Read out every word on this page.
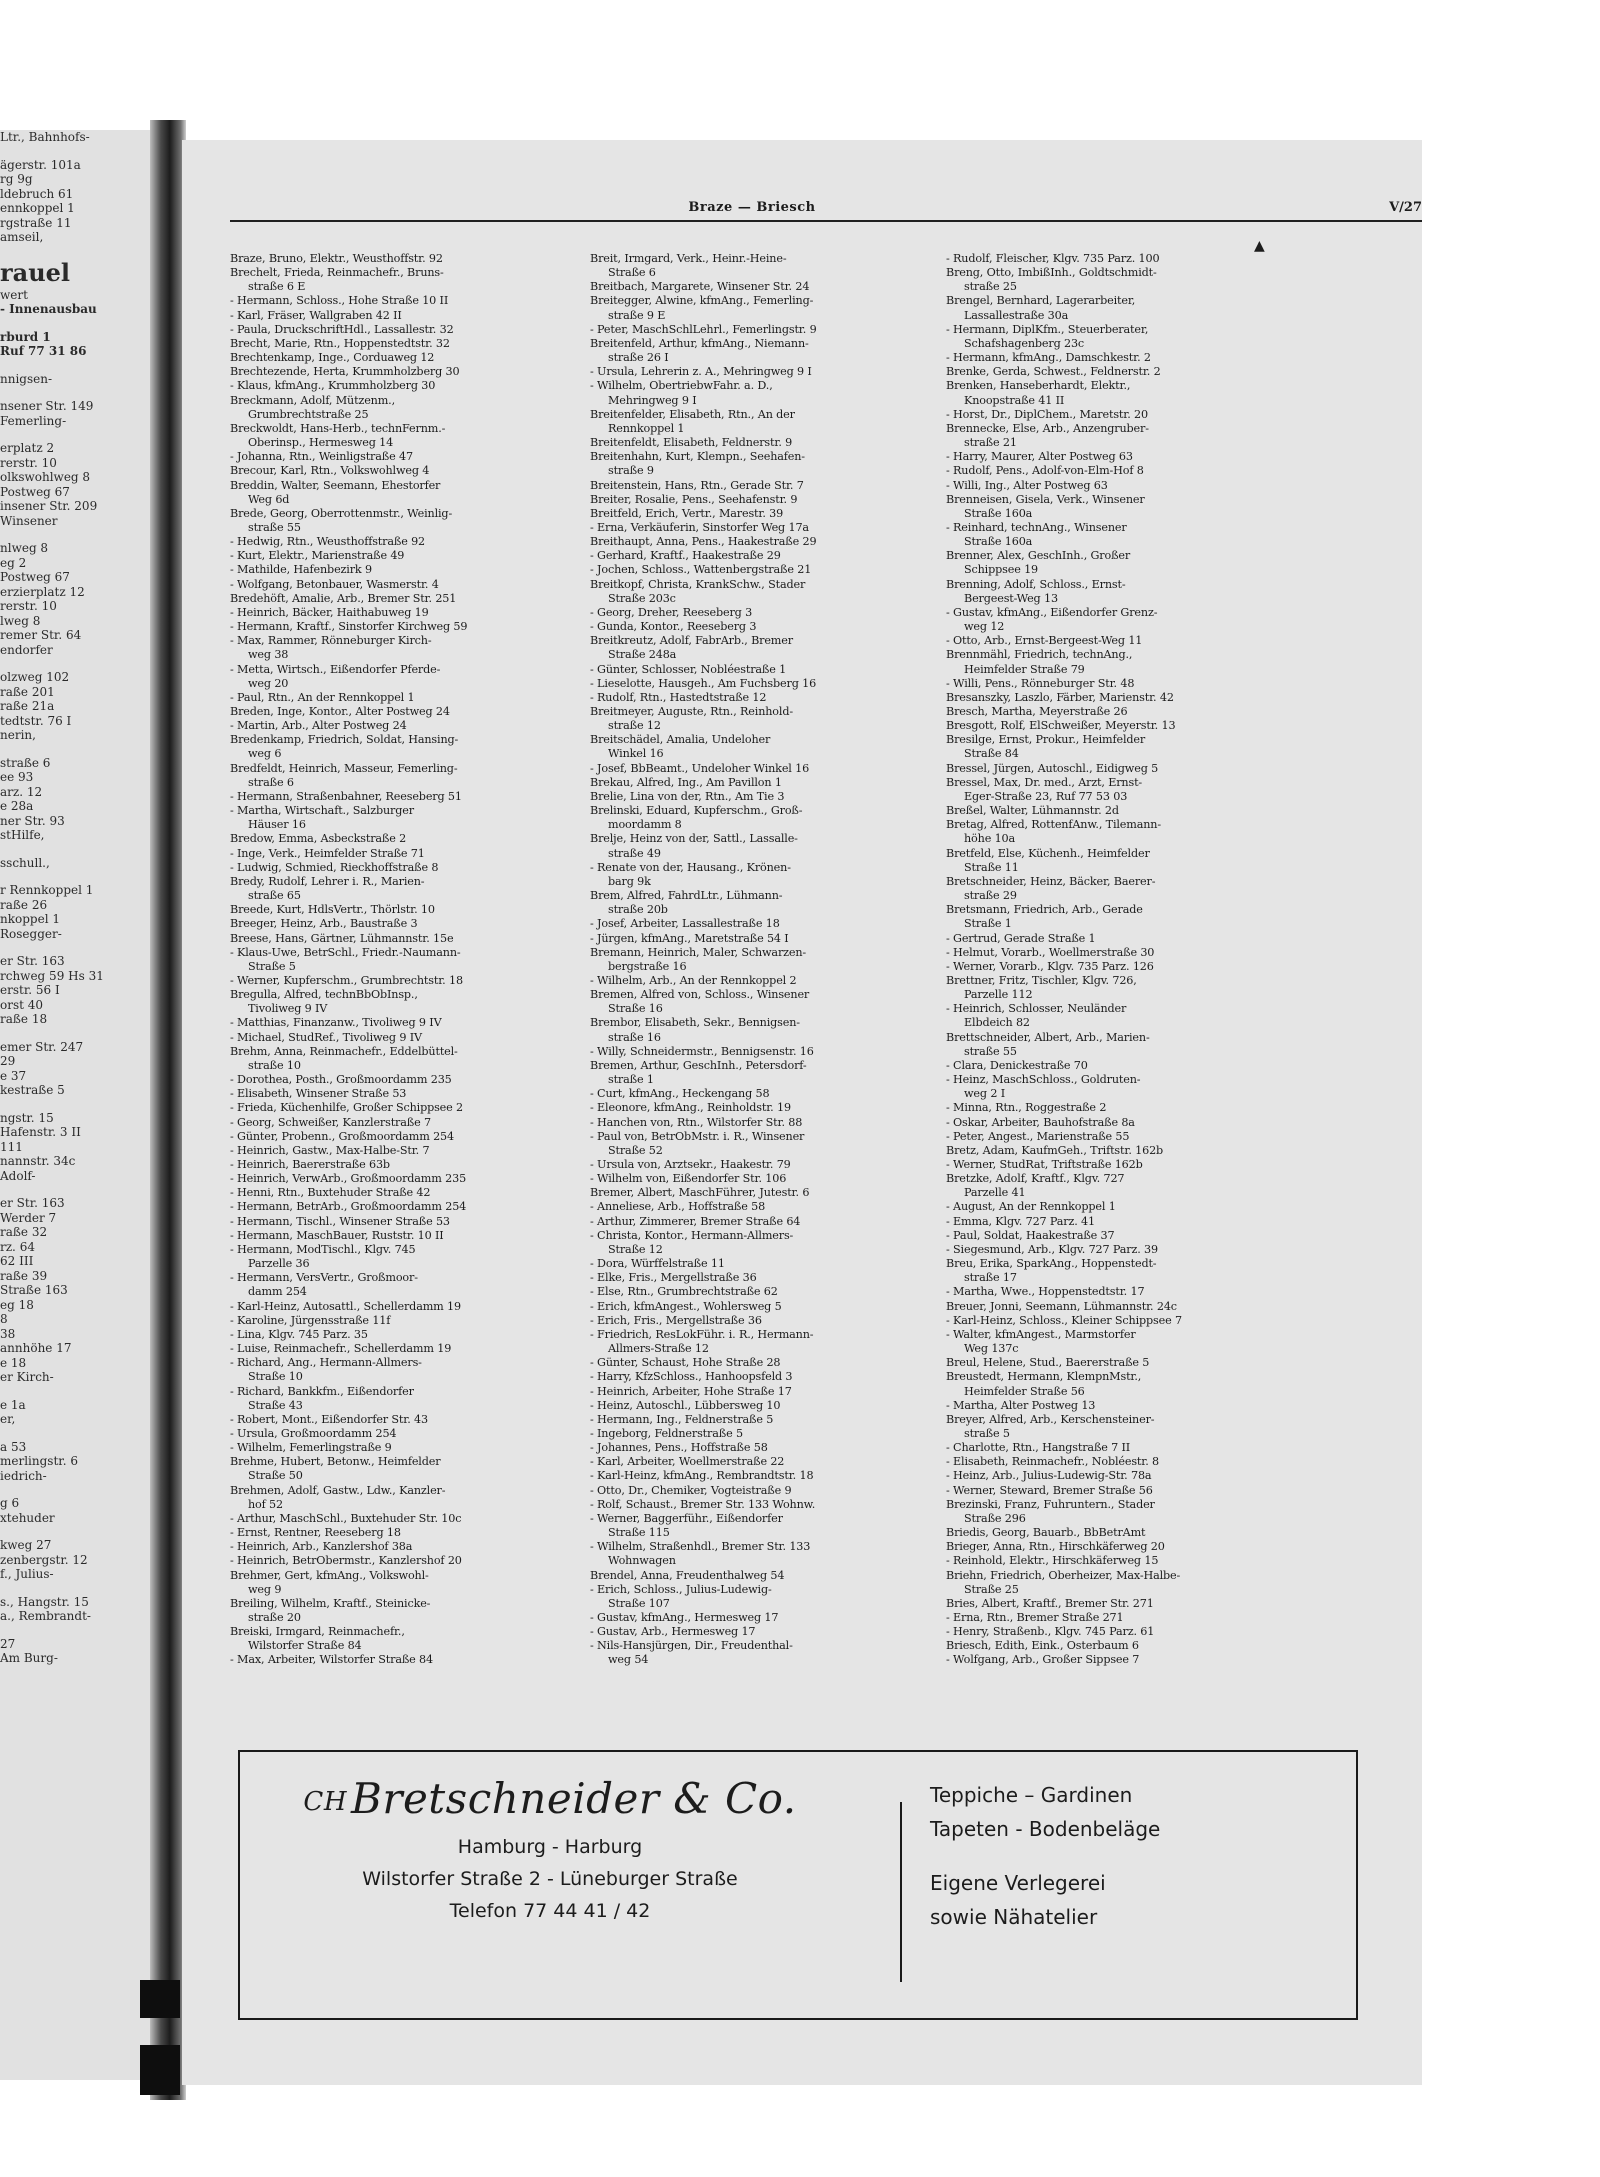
Ltr., Bahnhofs-
ägerstr. 101a
rg 9g
ldebruch 61
ennkoppel 1
rgstraße 11
amseil,
rauel
wert
- Innenausbau
rburd 1
Ruf 77 31 86
nnigsen-
nsener Str. 149
Femerling-
erplatz 2
rerstr. 10
olkswohlweg 8
Postweg 67
insener Str. 209
Winsener
nlweg 8
eg 2
Postweg 67
erzierplatz 12
rerstr. 10
lweg 8
remer Str. 64
endorfer
olzweg 102
raße 201
raße 21a
tedtstr. 76 I
nerin,
straße 6
ee 93
arz. 12
e 28a
ner Str. 93
stHilfe,
sschull.,
r Rennkoppel 1
raße 26
nkoppel 1
Rosegger-
er Str. 163
rchweg 59 Hs 31
erstr. 56 I
orst 40
raße 18
emer Str. 247
29
e 37
kestraße 5
ngstr. 15
Hafenstr. 3 II
111
nannstr. 34c
Adolf-
er Str. 163
Werder 7
raße 32
rz. 64
62 III
raße 39
Straße 163
eg 18
8
38
annhöhe 17
e 18
er Kirch-
e 1a
er,
a 53
merlingstr. 6
iedrich-
g 6
xtehuder
kweg 27
zenbergstr. 12
f., Julius-
s., Hangstr. 15
a., Rembrandt-
27
Am Burg-
Braze — Briesch	V/27
▲
Braze, Bruno, Elektr., Weusthoffstr. 92
Brechelt, Frieda, Reinmachefr., Bruns-
straße 6 E
- Hermann, Schloss., Hohe Straße 10 II
- Karl, Fräser, Wallgraben 42 II
- Paula, DruckschriftHdl., Lassallestr. 32
Brecht, Marie, Rtn., Hoppenstedtstr. 32
Brechtenkamp, Inge., Corduaweg 12
Brechtezende, Herta, Krummholzberg 30
- Klaus, kfmAng., Krummholzberg 30
Breckmann, Adolf, Mützenm.,
Grumbrechtstraße 25
Breckwoldt, Hans-Herb., technFernm.-
Oberinsp., Hermesweg 14
- Johanna, Rtn., Weinligstraße 47
Brecour, Karl, Rtn., Volkswohlweg 4
Breddin, Walter, Seemann, Ehestorfer
Weg 6d
Brede, Georg, Oberrottenmstr., Weinlig-
straße 55
- Hedwig, Rtn., Weusthoffstraße 92
- Kurt, Elektr., Marienstraße 49
- Mathilde, Hafenbezirk 9
- Wolfgang, Betonbauer, Wasmerstr. 4
Bredehöft, Amalie, Arb., Bremer Str. 251
- Heinrich, Bäcker, Haithabuweg 19
- Hermann, Kraftf., Sinstorfer Kirchweg 59
- Max, Rammer, Rönneburger Kirch-
weg 38
- Metta, Wirtsch., Eißendorfer Pferde-
weg 20
- Paul, Rtn., An der Rennkoppel 1
Breden, Inge, Kontor., Alter Postweg 24
- Martin, Arb., Alter Postweg 24
Bredenkamp, Friedrich, Soldat, Hansing-
weg 6
Bredfeldt, Heinrich, Masseur, Femerling-
straße 6
- Hermann, Straßenbahner, Reeseberg 51
- Martha, Wirtschaft., Salzburger
Häuser 16
Bredow, Emma, Asbeckstraße 2
- Inge, Verk., Heimfelder Straße 71
- Ludwig, Schmied, Rieckhoffstraße 8
Bredy, Rudolf, Lehrer i. R., Marien-
straße 65
Breede, Kurt, HdlsVertr., Thörlstr. 10
Breeger, Heinz, Arb., Baustraße 3
Breese, Hans, Gärtner, Lühmannstr. 15e
- Klaus-Uwe, BetrSchl., Friedr.-Naumann-
Straße 5
- Werner, Kupferschm., Grumbrechtstr. 18
Bregulla, Alfred, technBbObInsp.,
Tivoliweg 9 IV
- Matthias, Finanzanw., Tivoliweg 9 IV
- Michael, StudRef., Tivoliweg 9 IV
Brehm, Anna, Reinmachefr., Eddelbüttel-
straße 10
- Dorothea, Posth., Großmoordamm 235
- Elisabeth, Winsener Straße 53
- Frieda, Küchenhilfe, Großer Schippsee 2
- Georg, Schweißer, Kanzlerstraße 7
- Günter, Probenn., Großmoordamm 254
- Heinrich, Gastw., Max-Halbe-Str. 7
- Heinrich, Baererstraße 63b
- Heinrich, VerwArb., Großmoordamm 235
- Henni, Rtn., Buxtehuder Straße 42
- Hermann, BetrArb., Großmoordamm 254
- Hermann, Tischl., Winsener Straße 53
- Hermann, MaschBauer, Ruststr. 10 II
- Hermann, ModTischl., Klgv. 745
Parzelle 36
- Hermann, VersVertr., Großmoor-
damm 254
- Karl-Heinz, Autosattl., Schellerdamm 19
- Karoline, Jürgensstraße 11f
- Lina, Klgv. 745 Parz. 35
- Luise, Reinmachefr., Schellerdamm 19
- Richard, Ang., Hermann-Allmers-
Straße 10
- Richard, Bankkfm., Eißendorfer
Straße 43
- Robert, Mont., Eißendorfer Str. 43
- Ursula, Großmoordamm 254
- Wilhelm, Femerlingstraße 9
Brehme, Hubert, Betonw., Heimfelder
Straße 50
Brehmen, Adolf, Gastw., Ldw., Kanzler-
hof 52
- Arthur, MaschSchl., Buxtehuder Str. 10c
- Ernst, Rentner, Reeseberg 18
- Heinrich, Arb., Kanzlershof 38a
- Heinrich, BetrObermstr., Kanzlershof 20
Brehmer, Gert, kfmAng., Volkswohl-
weg 9
Breiling, Wilhelm, Kraftf., Steinicke-
straße 20
Breiski, Irmgard, Reinmachefr.,
Wilstorfer Straße 84
- Max, Arbeiter, Wilstorfer Straße 84
Breit, Irmgard, Verk., Heinr.-Heine-
Straße 6
Breitbach, Margarete, Winsener Str. 24
Breitegger, Alwine, kfmAng., Femerling-
straße 9 E
- Peter, MaschSchlLehrl., Femerlingstr. 9
Breitenfeld, Arthur, kfmAng., Niemann-
straße 26 I
- Ursula, Lehrerin z. A., Mehringweg 9 I
- Wilhelm, ObertriebwFahr. a. D.,
Mehringweg 9 I
Breitenfelder, Elisabeth, Rtn., An der
Rennkoppel 1
Breitenfeldt, Elisabeth, Feldnerstr. 9
Breitenhahn, Kurt, Klempn., Seehafen-
straße 9
Breitenstein, Hans, Rtn., Gerade Str. 7
Breiter, Rosalie, Pens., Seehafenstr. 9
Breitfeld, Erich, Vertr., Marestr. 39
- Erna, Verkäuferin, Sinstorfer Weg 17a
Breithaupt, Anna, Pens., Haakestraße 29
- Gerhard, Kraftf., Haakestraße 29
- Jochen, Schloss., Wattenbergstraße 21
Breitkopf, Christa, KrankSchw., Stader
Straße 203c
- Georg, Dreher, Reeseberg 3
- Gunda, Kontor., Reeseberg 3
Breitkreutz, Adolf, FabrArb., Bremer
Straße 248a
- Günter, Schlosser, Nobléestraße 1
- Lieselotte, Hausgeh., Am Fuchsberg 16
- Rudolf, Rtn., Hastedtstraße 12
Breitmeyer, Auguste, Rtn., Reinhold-
straße 12
Breitschädel, Amalia, Undeloher
Winkel 16
- Josef, BbBeamt., Undeloher Winkel 16
Brekau, Alfred, Ing., Am Pavillon 1
Brelie, Lina von der, Rtn., Am Tie 3
Brelinski, Eduard, Kupferschm., Groß-
moordamm 8
Brelje, Heinz von der, Sattl., Lassalle-
straße 49
- Renate von der, Hausang., Krönen-
barg 9k
Brem, Alfred, FahrdLtr., Lühmann-
straße 20b
- Josef, Arbeiter, Lassallestraße 18
- Jürgen, kfmAng., Maretstraße 54 I
Bremann, Heinrich, Maler, Schwarzen-
bergstraße 16
- Wilhelm, Arb., An der Rennkoppel 2
Bremen, Alfred von, Schloss., Winsener
Straße 16
Brembor, Elisabeth, Sekr., Bennigsen-
straße 16
- Willy, Schneidermstr., Bennigsenstr. 16
Bremen, Arthur, GeschInh., Petersdorf-
straße 1
- Curt, kfmAng., Heckengang 58
- Eleonore, kfmAng., Reinholdstr. 19
- Hanchen von, Rtn., Wilstorfer Str. 88
- Paul von, BetrObMstr. i. R., Winsener
Straße 52
- Ursula von, Arztsekr., Haakestr. 79
- Wilhelm von, Eißendorfer Str. 106
Bremer, Albert, MaschFührer, Jutestr. 6
- Anneliese, Arb., Hoffstraße 58
- Arthur, Zimmerer, Bremer Straße 64
- Christa, Kontor., Hermann-Allmers-
Straße 12
- Dora, Würffelstraße 11
- Elke, Fris., Mergellstraße 36
- Else, Rtn., Grumbrechtstraße 62
- Erich, kfmAngest., Wohlersweg 5
- Erich, Fris., Mergellstraße 36
- Friedrich, ResLokFühr. i. R., Hermann-
Allmers-Straße 12
- Günter, Schaust, Hohe Straße 28
- Harry, KfzSchloss., Hanhoopsfeld 3
- Heinrich, Arbeiter, Hohe Straße 17
- Heinz, Autoschl., Lübbersweg 10
- Hermann, Ing., Feldnerstraße 5
- Ingeborg, Feldnerstraße 5
- Johannes, Pens., Hoffstraße 58
- Karl, Arbeiter, Woellmerstraße 22
- Karl-Heinz, kfmAng., Rembrandtstr. 18
- Otto, Dr., Chemiker, Vogteistraße 9
- Rolf, Schaust., Bremer Str. 133 Wohnw.
- Werner, Baggerführ., Eißendorfer
Straße 115
- Wilhelm, Straßenhdl., Bremer Str. 133
Wohnwagen
Brendel, Anna, Freudenthalweg 54
- Erich, Schloss., Julius-Ludewig-
Straße 107
- Gustav, kfmAng., Hermesweg 17
- Gustav, Arb., Hermesweg 17
- Nils-Hansjürgen, Dir., Freudenthal-
weg 54
- Rudolf, Fleischer, Klgv. 735 Parz. 100
Breng, Otto, ImbißInh., Goldtschmidt-
straße 25
Brengel, Bernhard, Lagerarbeiter,
Lassallestraße 30a
- Hermann, DiplKfm., Steuerberater,
Schafshagenberg 23c
- Hermann, kfmAng., Damschkestr. 2
Brenke, Gerda, Schwest., Feldnerstr. 2
Brenken, Hanseberhardt, Elektr.,
Knoopstraße 41 II
- Horst, Dr., DiplChem., Maretstr. 20
Brennecke, Else, Arb., Anzengruber-
straße 21
- Harry, Maurer, Alter Postweg 63
- Rudolf, Pens., Adolf-von-Elm-Hof 8
- Willi, Ing., Alter Postweg 63
Brenneisen, Gisela, Verk., Winsener
Straße 160a
- Reinhard, technAng., Winsener
Straße 160a
Brenner, Alex, GeschInh., Großer
Schippsee 19
Brenning, Adolf, Schloss., Ernst-
Bergeest-Weg 13
- Gustav, kfmAng., Eißendorfer Grenz-
weg 12
- Otto, Arb., Ernst-Bergeest-Weg 11
Brennmähl, Friedrich, technAng.,
Heimfelder Straße 79
- Willi, Pens., Rönneburger Str. 48
Bresanszky, Laszlo, Färber, Marienstr. 42
Bresch, Martha, Meyerstraße 26
Bresgott, Rolf, ElSchweißer, Meyerstr. 13
Bresilge, Ernst, Prokur., Heimfelder
Straße 84
Bressel, Jürgen, Autoschl., Eidigweg 5
Bressel, Max, Dr. med., Arzt, Ernst-
Eger-Straße 23, Ruf 77 53 03
Breßel, Walter, Lühmannstr. 2d
Bretag, Alfred, RottenfAnw., Tilemann-
höhe 10a
Bretfeld, Else, Küchenh., Heimfelder
Straße 11
Bretschneider, Heinz, Bäcker, Baerer-
straße 29
Bretsmann, Friedrich, Arb., Gerade
Straße 1
- Gertrud, Gerade Straße 1
- Helmut, Vorarb., Woellmerstraße 30
- Werner, Vorarb., Klgv. 735 Parz. 126
Brettner, Fritz, Tischler, Klgv. 726,
Parzelle 112
- Heinrich, Schlosser, Neuländer
Elbdeich 82
Brettschneider, Albert, Arb., Marien-
straße 55
- Clara, Denickestraße 70
- Heinz, MaschSchloss., Goldruten-
weg 2 I
- Minna, Rtn., Roggestraße 2
- Oskar, Arbeiter, Bauhofstraße 8a
- Peter, Angest., Marienstraße 55
Bretz, Adam, KaufmGeh., Triftstr. 162b
- Werner, StudRat, Triftstraße 162b
Bretzke, Adolf, Kraftf., Klgv. 727
Parzelle 41
- August, An der Rennkoppel 1
- Emma, Klgv. 727 Parz. 41
- Paul, Soldat, Haakestraße 37
- Siegesmund, Arb., Klgv. 727 Parz. 39
Breu, Erika, SparkAng., Hoppenstedt-
straße 17
- Martha, Wwe., Hoppenstedtstr. 17
Breuer, Jonni, Seemann, Lühmannstr. 24c
- Karl-Heinz, Schloss., Kleiner Schippsee 7
- Walter, kfmAngest., Marmstorfer
Weg 137c
Breul, Helene, Stud., Baererstraße 5
Breustedt, Hermann, KlempnMstr.,
Heimfelder Straße 56
- Martha, Alter Postweg 13
Breyer, Alfred, Arb., Kerschensteiner-
straße 5
- Charlotte, Rtn., Hangstraße 7 II
- Elisabeth, Reinmachefr., Nobléestr. 8
- Heinz, Arb., Julius-Ludewig-Str. 78a
- Werner, Steward, Bremer Straße 56
Brezinski, Franz, Fuhruntern., Stader
Straße 296
Briedis, Georg, Bauarb., BbBetrAmt
Brieger, Anna, Rtn., Hirschkäferweg 20
- Reinhold, Elektr., Hirschkäferweg 15
Briehn, Friedrich, Oberheizer, Max-Halbe-
Straße 25
Bries, Albert, Kraftf., Bremer Str. 271
- Erna, Rtn., Bremer Straße 271
- Henry, Straßenb., Klgv. 745 Parz. 61
Briesch, Edith, Eink., Osterbaum 6
- Wolfgang, Arb., Großer Sippsee 7
CHBretschneider & Co.
Hamburg - Harburg
Wilstorfer Straße 2 - Lüneburger Straße
Telefon 77 44 41 / 42
Teppiche – Gardinen
Tapeten - Bodenbeläge
Eigene Verlegerei
sowie Nähatelier
